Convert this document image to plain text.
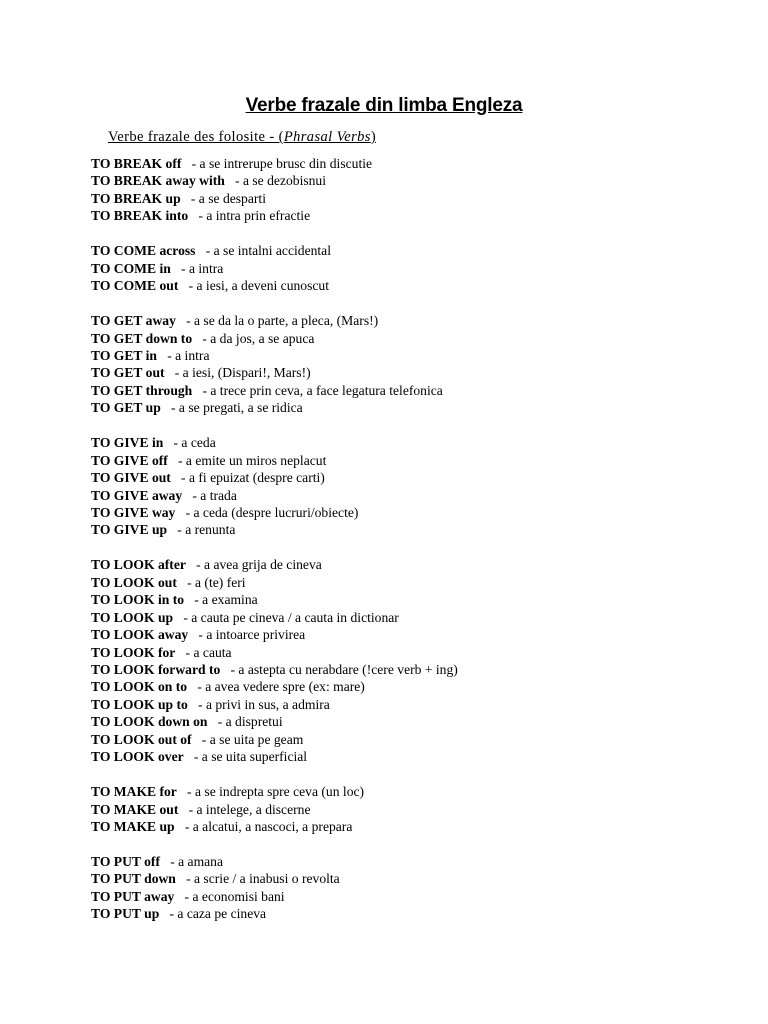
Verbe frazale din limba Engleza
Verbe frazale des folosite - (Phrasal Verbs)
TO BREAK off - a se intrerupe brusc din discutie
TO BREAK away with - a se dezobisnui
TO BREAK up - a se desparti
TO BREAK into - a intra prin efractie
TO COME across - a se intalni accidental
TO COME in - a intra
TO COME out - a iesi, a deveni cunoscut
TO GET away - a se da la o parte, a pleca, (Mars!)
TO GET down to - a da jos, a se apuca
TO GET in - a intra
TO GET out - a iesi, (Dispari!, Mars!)
TO GET through - a trece prin ceva, a face legatura telefonica
TO GET up - a se pregati, a se ridica
TO GIVE in - a ceda
TO GIVE off - a emite un miros neplacut
TO GIVE out - a fi epuizat (despre carti)
TO GIVE away - a trada
TO GIVE way - a ceda (despre lucruri/obiecte)
TO GIVE up - a renunta
TO LOOK after - a avea grija de cineva
TO LOOK out - a (te) feri
TO LOOK in to - a examina
TO LOOK up - a cauta pe cineva / a cauta in dictionar
TO LOOK away - a intoarce privirea
TO LOOK for - a cauta
TO LOOK forward to - a astepta cu nerabdare (!cere verb + ing)
TO LOOK on to - a avea vedere spre (ex: mare)
TO LOOK up to - a privi in sus, a admira
TO LOOK down on - a dispretui
TO LOOK out of - a se uita pe geam
TO LOOK over - a se uita superficial
TO MAKE for - a se indrepta spre ceva (un loc)
TO MAKE out - a intelege, a discerne
TO MAKE up - a alcatui, a nascoci, a prepara
TO PUT off - a amana
TO PUT down - a scrie / a inabusi o revolta
TO PUT away - a economisi bani
TO PUT up - a caza pe cineva
